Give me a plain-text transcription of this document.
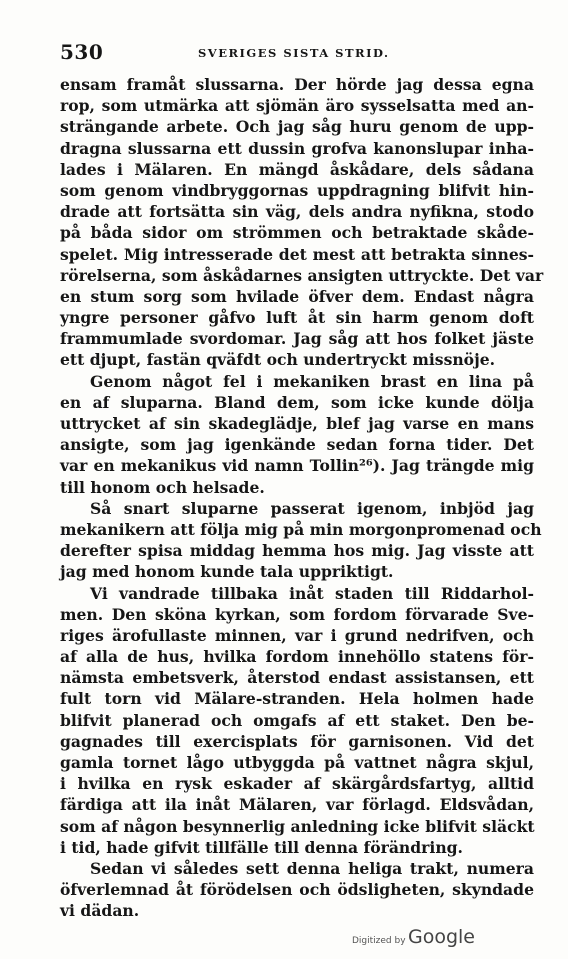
530	SVERIGES SISTA STRID.
ensam framåt slussarna. Der hörde jag dessa egna
rop, som utmärka att sjömän äro sysselsatta med an-
strängande arbete. Och jag såg huru genom de upp-
dragna slussarna ett dussin grofva kanonslupar inha-
lades i Mälaren. En mängd åskådare, dels sådana
som genom vindbryggornas uppdragning blifvit hin-
drade att fortsätta sin väg, dels andra nyfikna, stodo
på båda sidor om strömmen och betraktade skåde-
spelet. Mig intresserade det mest att betrakta sinnes-
rörelserna, som åskådarnes ansigten uttryckte. Det var
en stum sorg som hvilade öfver dem. Endast några
yngre personer gåfvo luft åt sin harm genom doft
frammumlade svordomar. Jag såg att hos folket jäste
ett djupt, fastän qväfdt och undertryckt missnöje.
Genom något fel i mekaniken brast en lina på
en af sluparna. Bland dem, som icke kunde dölja
uttrycket af sin skadeglädje, blef jag varse en mans
ansigte, som jag igenkände sedan forna tider. Det
var en mekanikus vid namn Tollin²⁶). Jag trängde mig
till honom och helsade.
Så snart sluparne passerat igenom, inbjöd jag
mekanikern att följa mig på min morgonpromenad och
derefter spisa middag hemma hos mig. Jag visste att
jag med honom kunde tala uppriktigt.
Vi vandrade tillbaka inåt staden till Riddarhol-
men. Den sköna kyrkan, som fordom förvarade Sve-
riges ärofullaste minnen, var i grund nedrifven, och
af alla de hus, hvilka fordom innehöllo statens för-
nämsta embetsverk, återstod endast assistansen, ett
fult torn vid Mälare-stranden. Hela holmen hade
blifvit planerad och omgafs af ett staket. Den be-
gagnades till exercisplats för garnisonen. Vid det
gamla tornet lågo utbyggda på vattnet några skjul,
i hvilka en rysk eskader af skärgårdsfartyg, alltid
färdiga att ila inåt Mälaren, var förlagd. Eldsvådan,
som af någon besynnerlig anledning icke blifvit släckt
i tid, hade gifvit tillfälle till denna förändring.
Sedan vi således sett denna heliga trakt, numera
öfverlemnad åt förödelsen och ödsligheten, skyndade
vi dädan.
Digitized by Google
